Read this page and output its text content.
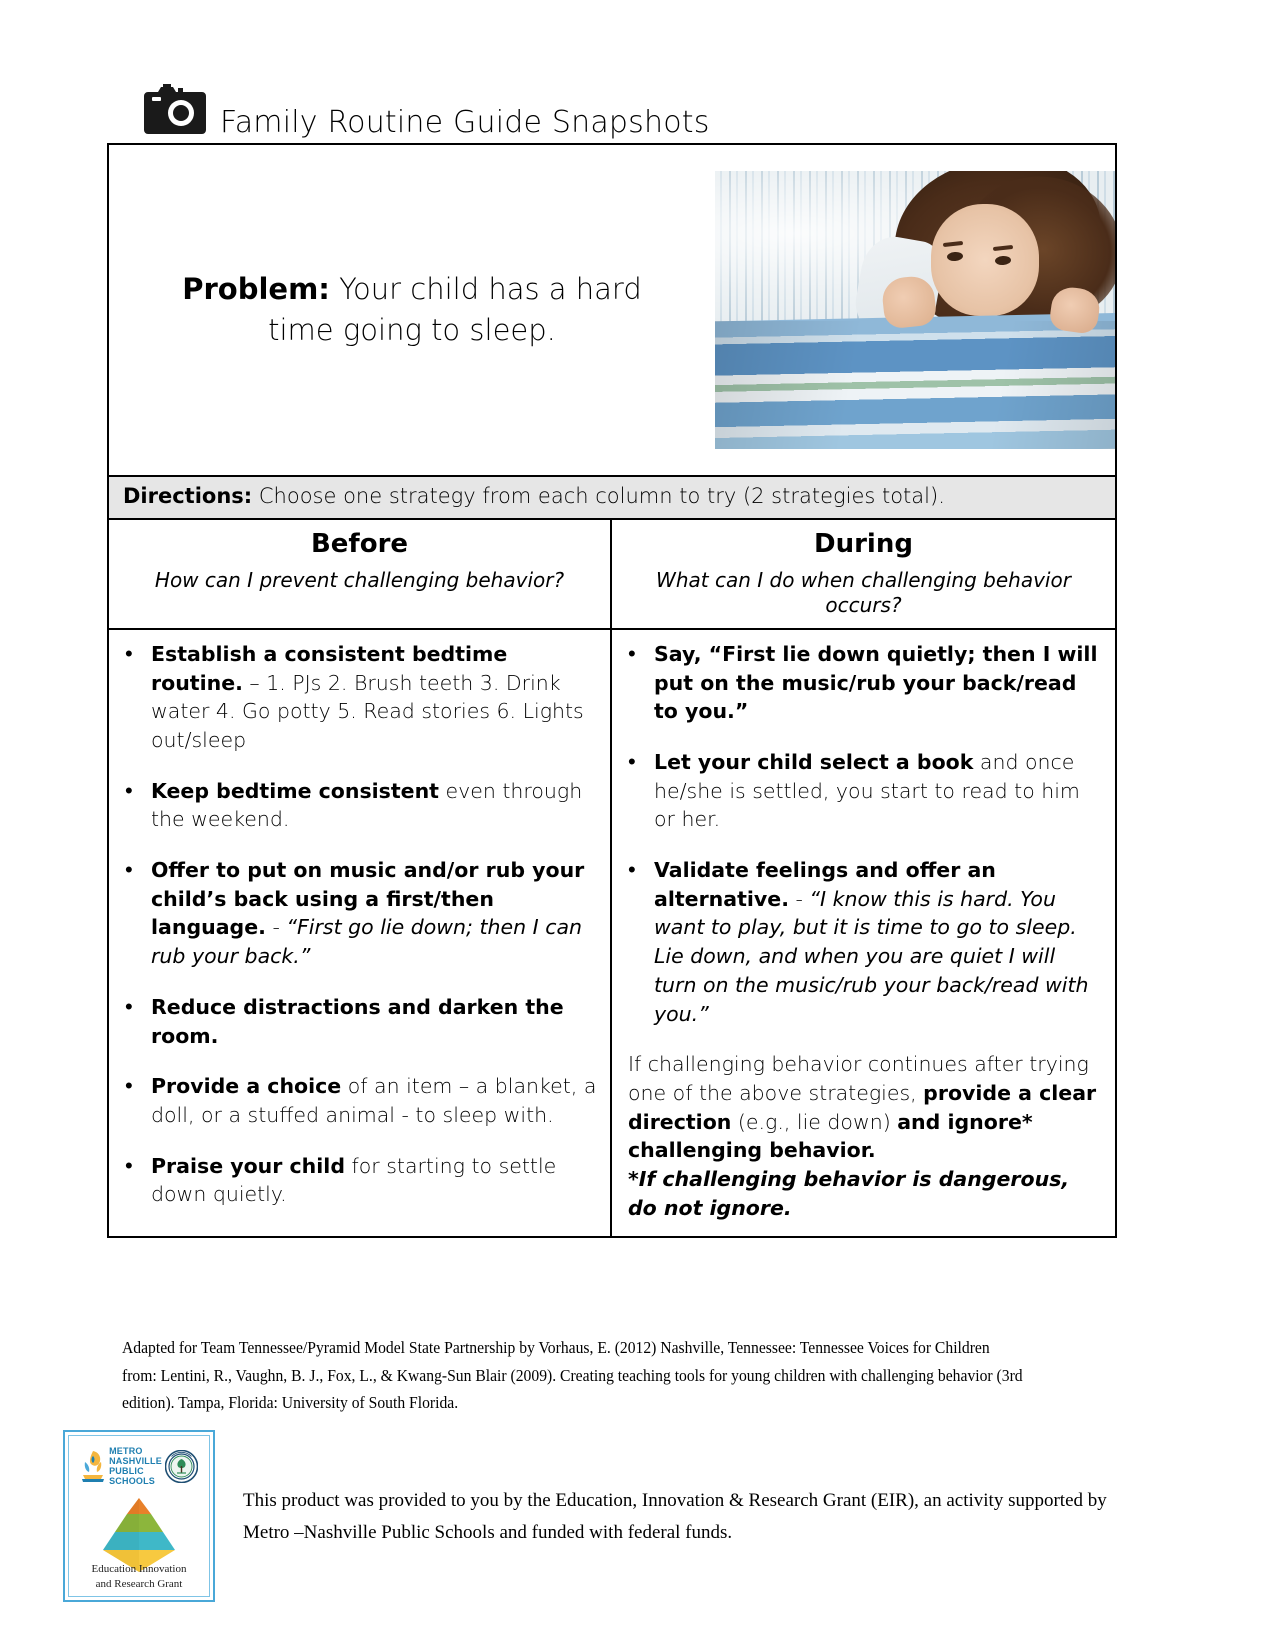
Family Routine Guide Snapshots
Problem: Your child has a hard time going to sleep.
Directions: Choose one strategy from each column to try (2 strategies total).
Before
How can I prevent challenging behavior?
During
What can I do when challenging behavior occurs?
• Establish a consistent bedtime routine. – 1. PJs 2. Brush teeth 3. Drink water 4. Go potty 5. Read stories 6. Lights out/sleep
• Keep bedtime consistent even through the weekend.
• Offer to put on music and/or rub your child’s back using a first/then language. - “First go lie down; then I can rub your back.”
• Reduce distractions and darken the room.
• Provide a choice of an item – a blanket, a doll, or a stuffed animal - to sleep with.
• Praise your child for starting to settle down quietly.
• Say, “First lie down quietly; then I will put on the music/rub your back/read to you.”
• Let your child select a book and once he/she is settled, you start to read to him or her.
• Validate feelings and offer an alternative. - “I know this is hard. You want to play, but it is time to go to sleep. Lie down, and when you are quiet I will turn on the music/rub your back/read with you.”
If challenging behavior continues after trying one of the above strategies, provide a clear direction (e.g., lie down) and ignore* challenging behavior.
*If challenging behavior is dangerous, do not ignore.
Adapted for Team Tennessee/Pyramid Model State Partnership by Vorhaus, E. (2012) Nashville, Tennessee: Tennessee Voices for Children from: Lentini, R., Vaughn, B. J., Fox, L., & Kwang-Sun Blair (2009). Creating teaching tools for young children with challenging behavior (3rd edition). Tampa, Florida: University of South Florida.
METRO
NASHVILLE
PUBLIC
SCHOOLS
Education Innovation
and Research Grant
This product was provided to you by the Education, Innovation & Research Grant (EIR), an activity supported by Metro –Nashville Public Schools and funded with federal funds.
